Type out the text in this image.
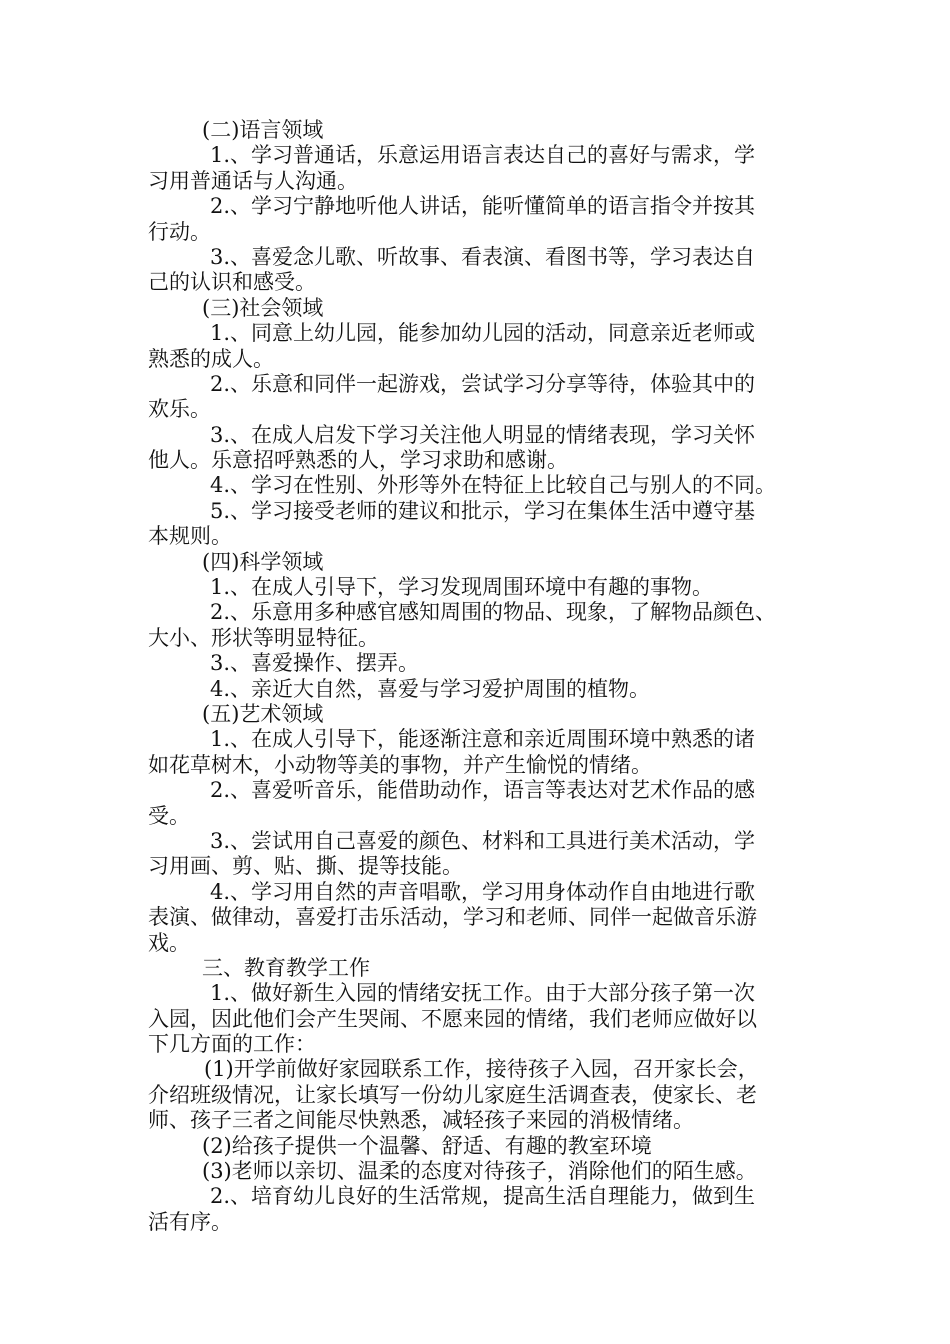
(二)语言领域
1.、学习普通话，乐意运用语言表达自己的喜好与需求，学
习用普通话与人沟通。
2.、学习宁静地听他人讲话，能听懂简单的语言指令并按其
行动。
3.、喜爱念儿歌、听故事、看表演、看图书等，学习表达自
己的认识和感受。
(三)社会领域
1.、同意上幼儿园，能参加幼儿园的活动，同意亲近老师或
熟悉的成人。
2.、乐意和同伴一起游戏，尝试学习分享等待，体验其中的
欢乐。
3.、在成人启发下学习关注他人明显的情绪表现，学习关怀
他人。乐意招呼熟悉的人，学习求助和感谢。
4.、学习在性别、外形等外在特征上比较自己与别人的不同。
5.、学习接受老师的建议和批示，学习在集体生活中遵守基
本规则。
(四)科学领域
1.、在成人引导下，学习发现周围环境中有趣的事物。
2.、乐意用多种感官感知周围的物品、现象，了解物品颜色、
大小、形状等明显特征。
3.、喜爱操作、摆弄。
4.、亲近大自然，喜爱与学习爱护周围的植物。
(五)艺术领域
1.、在成人引导下，能逐渐注意和亲近周围环境中熟悉的诸
如花草树木，小动物等美的事物，并产生愉悦的情绪。
2.、喜爱听音乐，能借助动作，语言等表达对艺术作品的感
受。
3.、尝试用自己喜爱的颜色、材料和工具进行美术活动，学
习用画、剪、贴、撕、提等技能。
4.、学习用自然的声音唱歌，学习用身体动作自由地进行歌
表演、做律动，喜爱打击乐活动，学习和老师、同伴一起做音乐游
戏。
三、教育教学工作
1.、做好新生入园的情绪安抚工作。由于大部分孩子第一次
入园，因此他们会产生哭闹、不愿来园的情绪，我们老师应做好以
下几方面的工作：
(1)开学前做好家园联系工作，接待孩子入园，召开家长会，
介绍班级情况，让家长填写一份幼儿家庭生活调查表，使家长、老
师、孩子三者之间能尽快熟悉，减轻孩子来园的消极情绪。
(2)给孩子提供一个温馨、舒适、有趣的教室环境
(3)老师以亲切、温柔的态度对待孩子，消除他们的陌生感。
2.、培育幼儿良好的生活常规，提高生活自理能力，做到生
活有序。
